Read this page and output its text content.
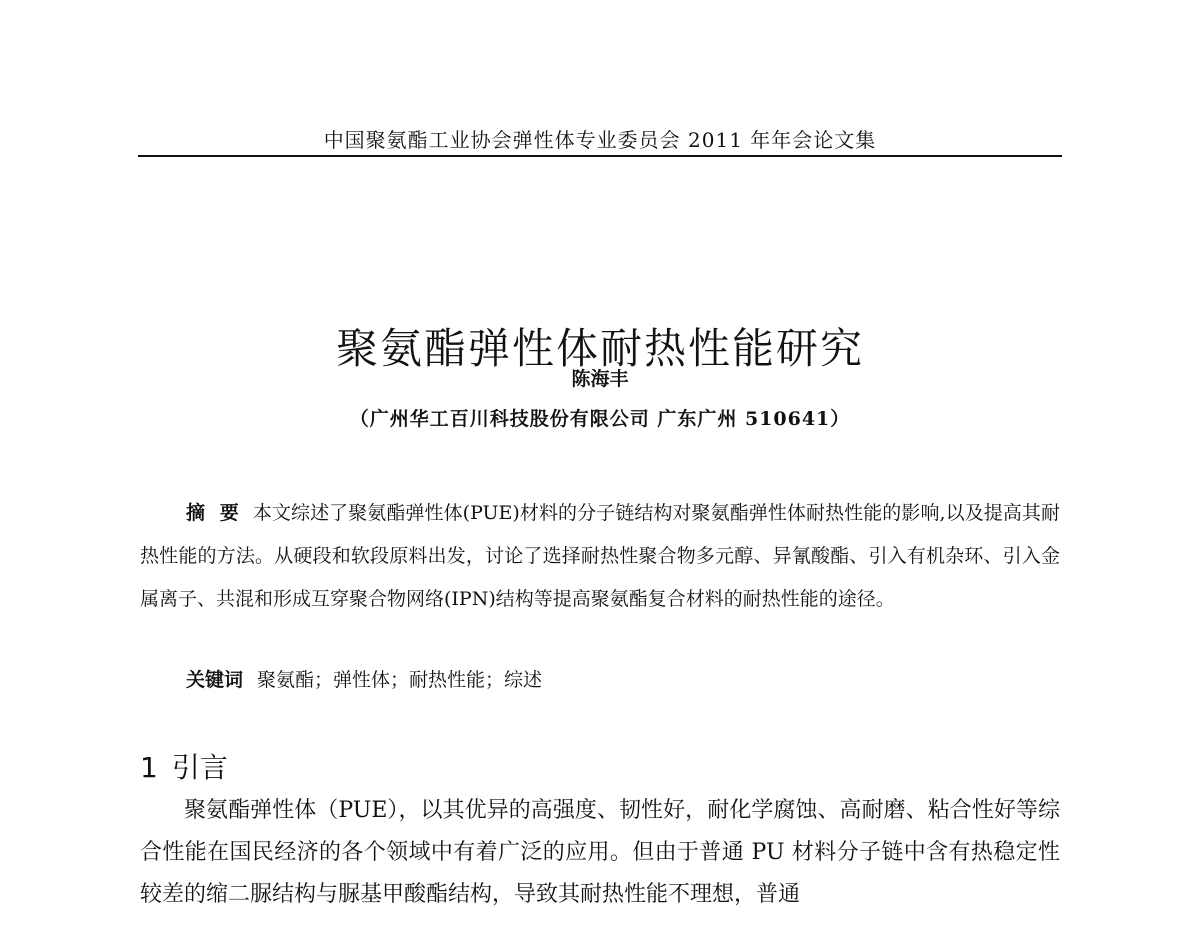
中国聚氨酯工业协会弹性体专业委员会 2011 年年会论文集
聚氨酯弹性体耐热性能研究
陈海丰
（广州华工百川科技股份有限公司 广东广州 510641）

摘 要 本文综述了聚氨酯弹性体(PUE)材料的分子链结构对聚氨酯弹性体耐热性能的影响,以及提高其耐热性能的方法。从硬段和软段原料出发，讨论了选择耐热性聚合物多元醇、异氰酸酯、引入有机杂环、引入金属离子、共混和形成互穿聚合物网络(IPN)结构等提高聚氨酯复合材料的耐热性能的途径。

关键词 聚氨酯；弹性体；耐热性能；综述

1 引言

聚氨酯弹性体（PUE），以其优异的高强度、韧性好，耐化学腐蚀、高耐磨、粘合性好等综合性能在国民经济的各个领域中有着广泛的应用。但由于普通 PU 材料分子链中含有热稳定性较差的缩二脲结构与脲基甲酸酯结构，导致其耐热性能不理想，普通
